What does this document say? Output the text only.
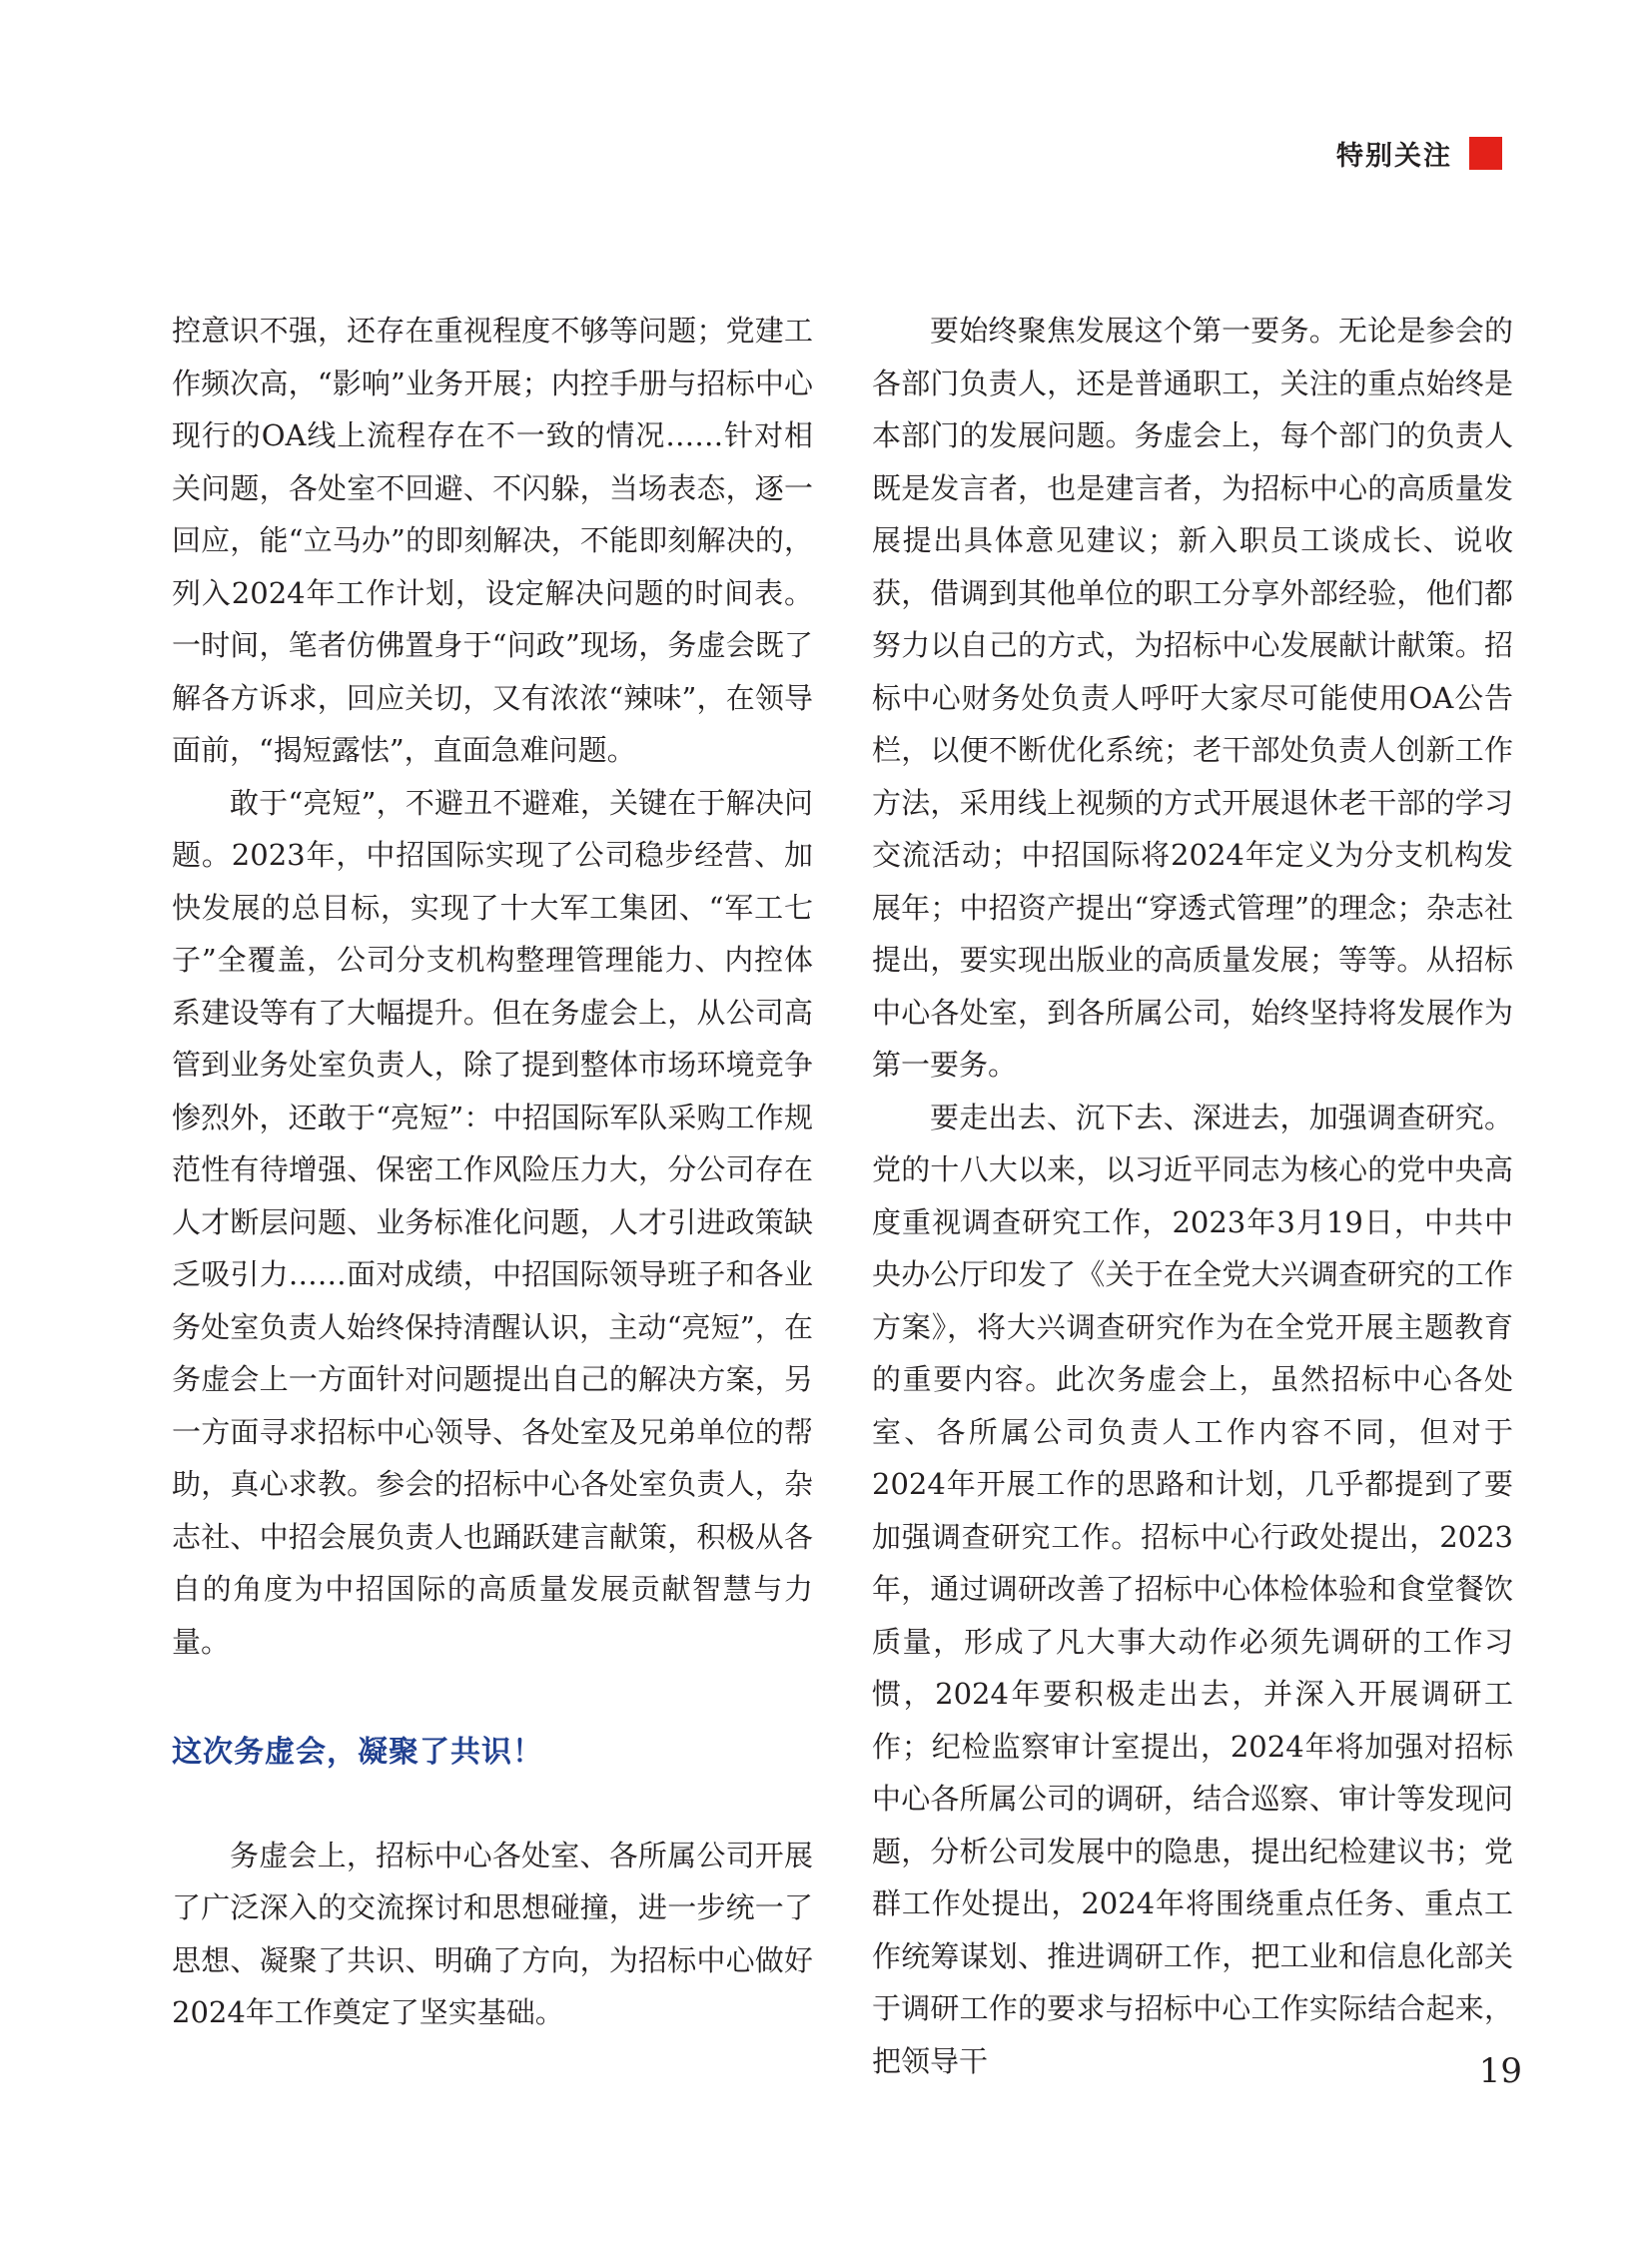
特别关注

控意识不强，还存在重视程度不够等问题；党建工作频次高，“影响”业务开展；内控手册与招标中心现行的OA线上流程存在不一致的情况……针对相关问题，各处室不回避、不闪躲，当场表态，逐一回应，能“立马办”的即刻解决，不能即刻解决的，列入2024年工作计划，设定解决问题的时间表。一时间，笔者仿佛置身于“问政”现场，务虚会既了解各方诉求，回应关切，又有浓浓“辣味”，在领导面前，“揭短露怯”，直面急难问题。

敢于“亮短”，不避丑不避难，关键在于解决问题。2023年，中招国际实现了公司稳步经营、加快发展的总目标，实现了十大军工集团、“军工七子”全覆盖，公司分支机构整理管理能力、内控体系建设等有了大幅提升。但在务虚会上，从公司高管到业务处室负责人，除了提到整体市场环境竞争惨烈外，还敢于“亮短”：中招国际军队采购工作规范性有待增强、保密工作风险压力大，分公司存在人才断层问题、业务标准化问题，人才引进政策缺乏吸引力……面对成绩，中招国际领导班子和各业务处室负责人始终保持清醒认识，主动“亮短”，在务虚会上一方面针对问题提出自己的解决方案，另一方面寻求招标中心领导、各处室及兄弟单位的帮助，真心求教。参会的招标中心各处室负责人，杂志社、中招会展负责人也踊跃建言献策，积极从各自的角度为中招国际的高质量发展贡献智慧与力量。

这次务虚会，凝聚了共识！

务虚会上，招标中心各处室、各所属公司开展了广泛深入的交流探讨和思想碰撞，进一步统一了思想、凝聚了共识、明确了方向，为招标中心做好2024年工作奠定了坚实基础。

要始终聚焦发展这个第一要务。无论是参会的各部门负责人，还是普通职工，关注的重点始终是本部门的发展问题。务虚会上，每个部门的负责人既是发言者，也是建言者，为招标中心的高质量发展提出具体意见建议；新入职员工谈成长、说收获，借调到其他单位的职工分享外部经验，他们都努力以自己的方式，为招标中心发展献计献策。招标中心财务处负责人呼吁大家尽可能使用OA公告栏，以便不断优化系统；老干部处负责人创新工作方法，采用线上视频的方式开展退休老干部的学习交流活动；中招国际将2024年定义为分支机构发展年；中招资产提出“穿透式管理”的理念；杂志社提出，要实现出版业的高质量发展；等等。从招标中心各处室，到各所属公司，始终坚持将发展作为第一要务。

要走出去、沉下去、深进去，加强调查研究。党的十八大以来，以习近平同志为核心的党中央高度重视调查研究工作，2023年3月19日，中共中央办公厅印发了《关于在全党大兴调查研究的工作方案》，将大兴调查研究作为在全党开展主题教育的重要内容。此次务虚会上，虽然招标中心各处室、各所属公司负责人工作内容不同，但对于2024年开展工作的思路和计划，几乎都提到了要加强调查研究工作。招标中心行政处提出，2023年，通过调研改善了招标中心体检体验和食堂餐饮质量，形成了凡大事大动作必须先调研的工作习惯，2024年要积极走出去，并深入开展调研工作；纪检监察审计室提出，2024年将加强对招标中心各所属公司的调研，结合巡察、审计等发现问题，分析公司发展中的隐患，提出纪检建议书；党群工作处提出，2024年将围绕重点任务、重点工作统筹谋划、推进调研工作，把工业和信息化部关于调研工作的要求与招标中心工作实际结合起来，把领导干	19
